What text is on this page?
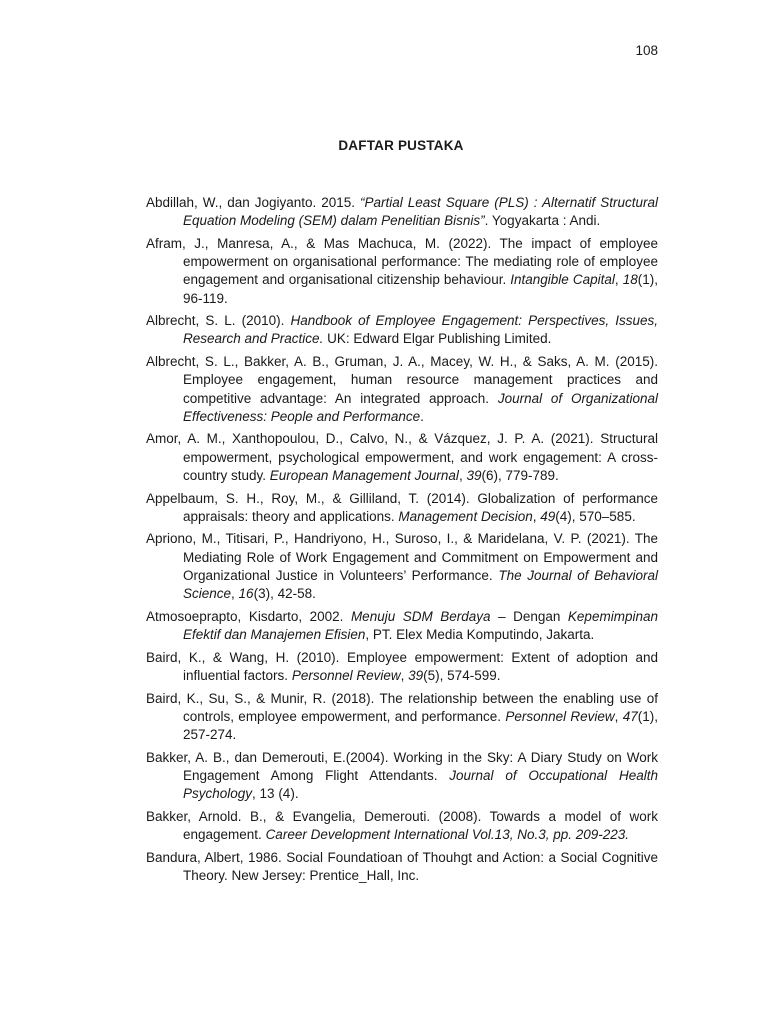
108
DAFTAR PUSTAKA

Abdillah, W., dan Jogiyanto. 2015. “Partial Least Square (PLS) : Alternatif Structural Equation Modeling (SEM) dalam Penelitian Bisnis”. Yogyakarta : Andi.

Afram, J., Manresa, A., & Mas Machuca, M. (2022). The impact of employee empowerment on organisational performance: The mediating role of employee engagement and organisational citizenship behaviour. Intangible Capital, 18(1), 96-119.

Albrecht, S. L. (2010). Handbook of Employee Engagement: Perspectives, Issues, Research and Practice. UK: Edward Elgar Publishing Limited.

Albrecht, S. L., Bakker, A. B., Gruman, J. A., Macey, W. H., & Saks, A. M. (2015). Employee engagement, human resource management practices and competitive advantage: An integrated approach. Journal of Organizational Effectiveness: People and Performance.

Amor, A. M., Xanthopoulou, D., Calvo, N., & Vázquez, J. P. A. (2021). Structural empowerment, psychological empowerment, and work engagement: A cross-country study. European Management Journal, 39(6), 779-789.

Appelbaum, S. H., Roy, M., & Gilliland, T. (2014). Globalization of performance appraisals: theory and applications. Management Decision, 49(4), 570–585.

Apriono, M., Titisari, P., Handriyono, H., Suroso, I., & Maridelana, V. P. (2021). The Mediating Role of Work Engagement and Commitment on Empowerment and Organizational Justice in Volunteers’ Performance. The Journal of Behavioral Science, 16(3), 42-58.

Atmosoeprapto, Kisdarto, 2002. Menuju SDM Berdaya – Dengan Kepemimpinan Efektif dan Manajemen Efisien, PT. Elex Media Komputindo, Jakarta.

Baird, K., & Wang, H. (2010). Employee empowerment: Extent of adoption and influential factors. Personnel Review, 39(5), 574-599.

Baird, K., Su, S., & Munir, R. (2018). The relationship between the enabling use of controls, employee empowerment, and performance. Personnel Review, 47(1), 257-274.

Bakker, A. B., dan Demerouti, E.(2004). Working in the Sky: A Diary Study on Work Engagement Among Flight Attendants. Journal of Occupational Health Psychology, 13 (4).

Bakker, Arnold. B., & Evangelia, Demerouti. (2008). Towards a model of work engagement. Career Development International Vol.13, No.3, pp. 209-223.

Bandura, Albert, 1986. Social Foundatioan of Thouhgt and Action: a Social Cognitive Theory. New Jersey: Prentice_Hall, Inc.
